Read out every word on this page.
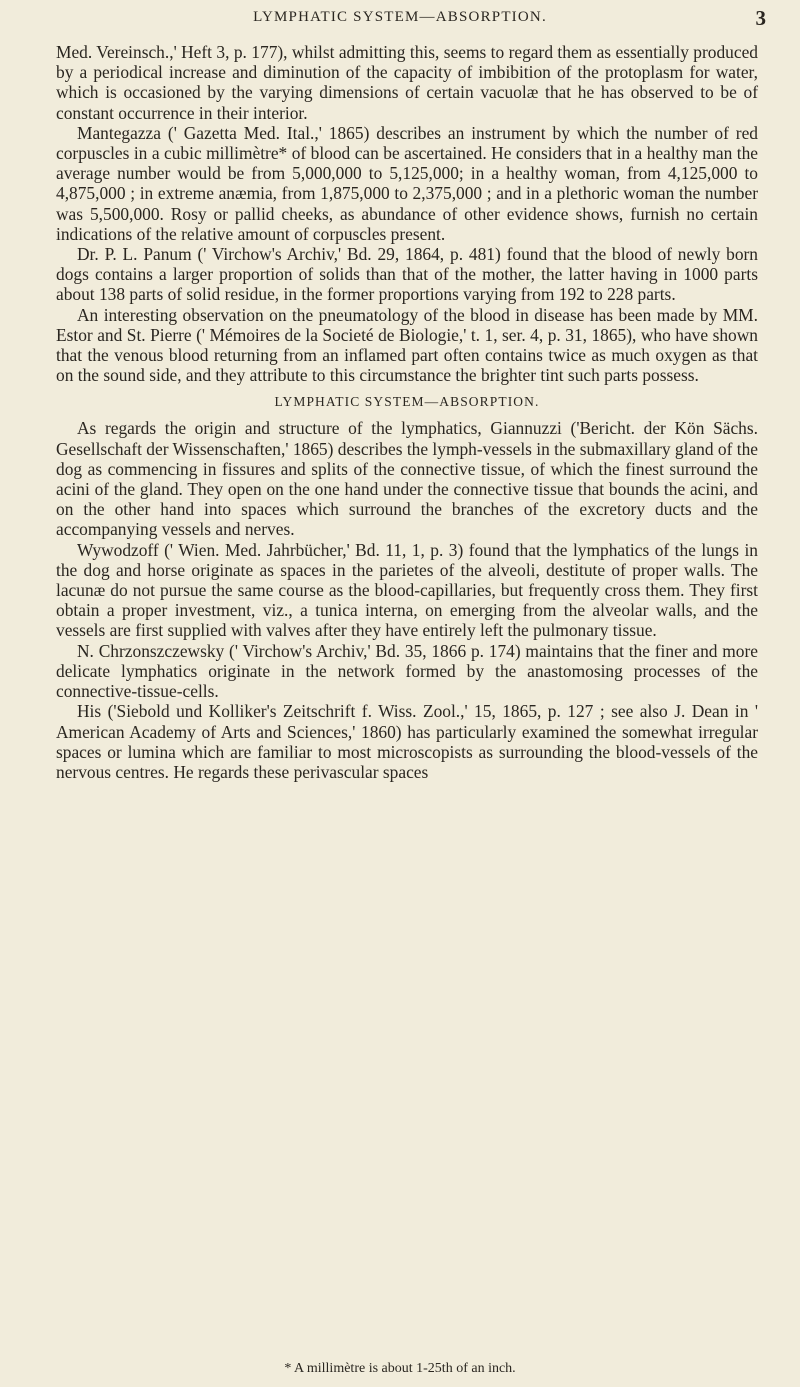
LYMPHATIC SYSTEM—ABSORPTION.	3

Med. Vereinsch.,' Heft 3, p. 177), whilst admitting this, seems to regard them as essentially produced by a periodical increase and diminution of the capacity of imbibition of the protoplasm for water, which is occasioned by the varying dimensions of certain vacuolæ that he has observed to be of constant occurrence in their interior.

Mantegazza (' Gazetta Med. Ital.,' 1865) describes an instrument by which the number of red corpuscles in a cubic millimètre* of blood can be ascertained. He considers that in a healthy man the average number would be from 5,000,000 to 5,125,000; in a healthy woman, from 4,125,000 to 4,875,000 ; in extreme anæmia, from 1,875,000 to 2,375,000 ; and in a plethoric woman the number was 5,500,000. Rosy or pallid cheeks, as abundance of other evidence shows, furnish no certain indications of the relative amount of corpuscles present.

Dr. P. L. Panum (' Virchow's Archiv,' Bd. 29, 1864, p. 481) found that the blood of newly born dogs contains a larger proportion of solids than that of the mother, the latter having in 1000 parts about 138 parts of solid residue, in the former proportions varying from 192 to 228 parts.

An interesting observation on the pneumatology of the blood in disease has been made by MM. Estor and St. Pierre (' Mémoires de la Societé de Biologie,' t. 1, ser. 4, p. 31, 1865), who have shown that the venous blood returning from an inflamed part often contains twice as much oxygen as that on the sound side, and they attribute to this circumstance the brighter tint such parts possess.

LYMPHATIC SYSTEM—ABSORPTION.

As regards the origin and structure of the lymphatics, Giannuzzi ('Bericht. der Kön Sächs. Gesellschaft der Wissenschaften,' 1865) describes the lymph-vessels in the submaxillary gland of the dog as commencing in fissures and splits of the connective tissue, of which the finest surround the acini of the gland. They open on the one hand under the connective tissue that bounds the acini, and on the other hand into spaces which surround the branches of the excretory ducts and the accompanying vessels and nerves.

Wywodzoff (' Wien. Med. Jahrbücher,' Bd. 11, 1, p. 3) found that the lymphatics of the lungs in the dog and horse originate as spaces in the parietes of the alveoli, destitute of proper walls. The lacunæ do not pursue the same course as the blood-capillaries, but frequently cross them. They first obtain a proper investment, viz., a tunica interna, on emerging from the alveolar walls, and the vessels are first supplied with valves after they have entirely left the pulmonary tissue.

N. Chrzonszczewsky (' Virchow's Archiv,' Bd. 35, 1866 p. 174) maintains that the finer and more delicate lymphatics originate in the network formed by the anastomosing processes of the connective-tissue-cells.

His ('Siebold und Kolliker's Zeitschrift f. Wiss. Zool.,' 15, 1865, p. 127 ; see also J. Dean in ' American Academy of Arts and Sciences,' 1860) has particularly examined the somewhat irregular spaces or lumina which are familiar to most microscopists as surrounding the blood-vessels of the nervous centres. He regards these perivascular spaces

* A millimètre is about 1-25th of an inch.
